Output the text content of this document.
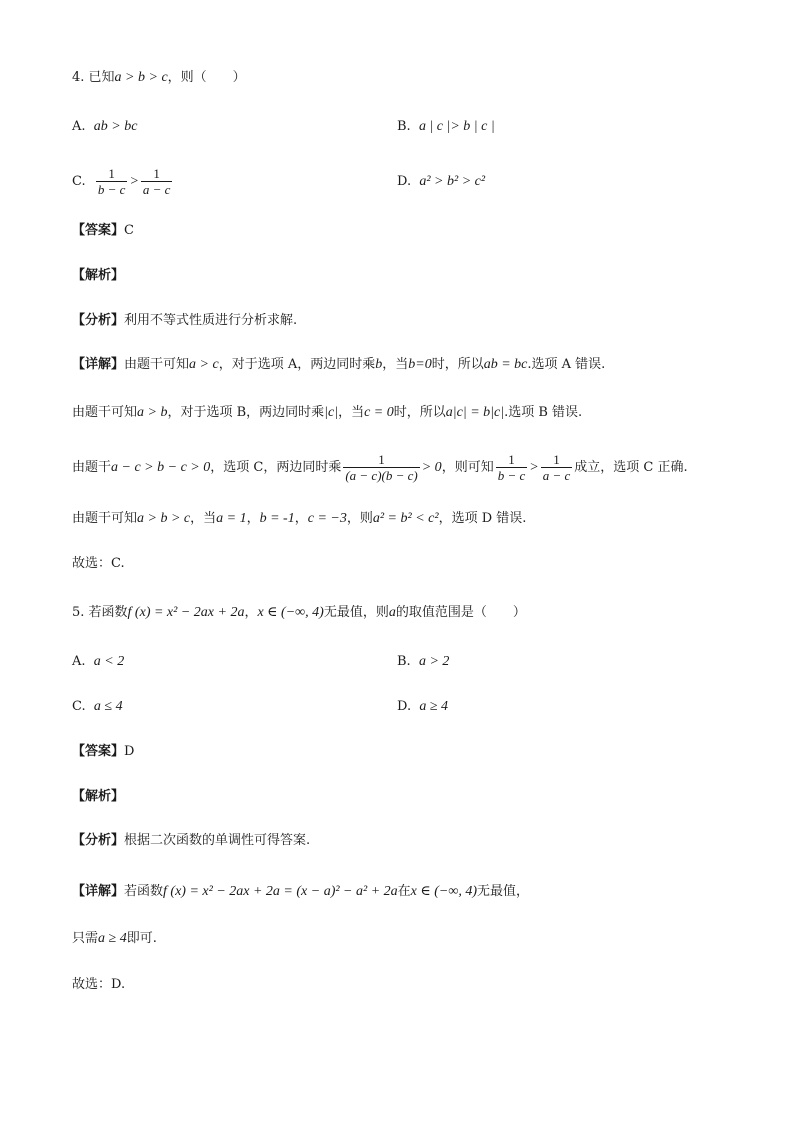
4. 已知a > b > c，则（　　）
A. ab > bc	B. a | c |> b | c |
C. $\frac{1}{b - c} > \frac{1}{a - c}$	D. a² > b² > c²
【答案】C
【解析】
【分析】利用不等式性质进行分析求解.
【详解】由题干可知a > c，对于选项 A，两边同时乘b，当b=0时，所以ab = bc.选项 A 错误.
由题干可知a > b，对于选项 B，两边同时乘|c|，当c = 0时，所以a|c| = b|c|.选项 B 错误.
由题干a − c > b − c > 0，选项 C，两边同时乘 $\frac{1}{(a - c)(b - c)} > 0$，则可知 $\frac{1}{b - c} > \frac{1}{a - c}$ 成立，选项 C 正确.
由题干可知a > b > c，当a = 1，b = -1，c = −3，则a² = b² < c²，选项 D 错误.
故选：C.
5. 若函数f (x) = x² − 2ax + 2a，x ∈ (−∞, 4)无最值，则a的取值范围是（　　）
A. a < 2	B. a > 2
C. a ≤ 4	D. a ≥ 4
【答案】D
【解析】
【分析】根据二次函数的单调性可得答案.
【详解】若函数f (x) = x² − 2ax + 2a = (x − a)² − a² + 2a在x ∈ (−∞, 4)无最值，
只需a ≥ 4即可.
故选：D.
